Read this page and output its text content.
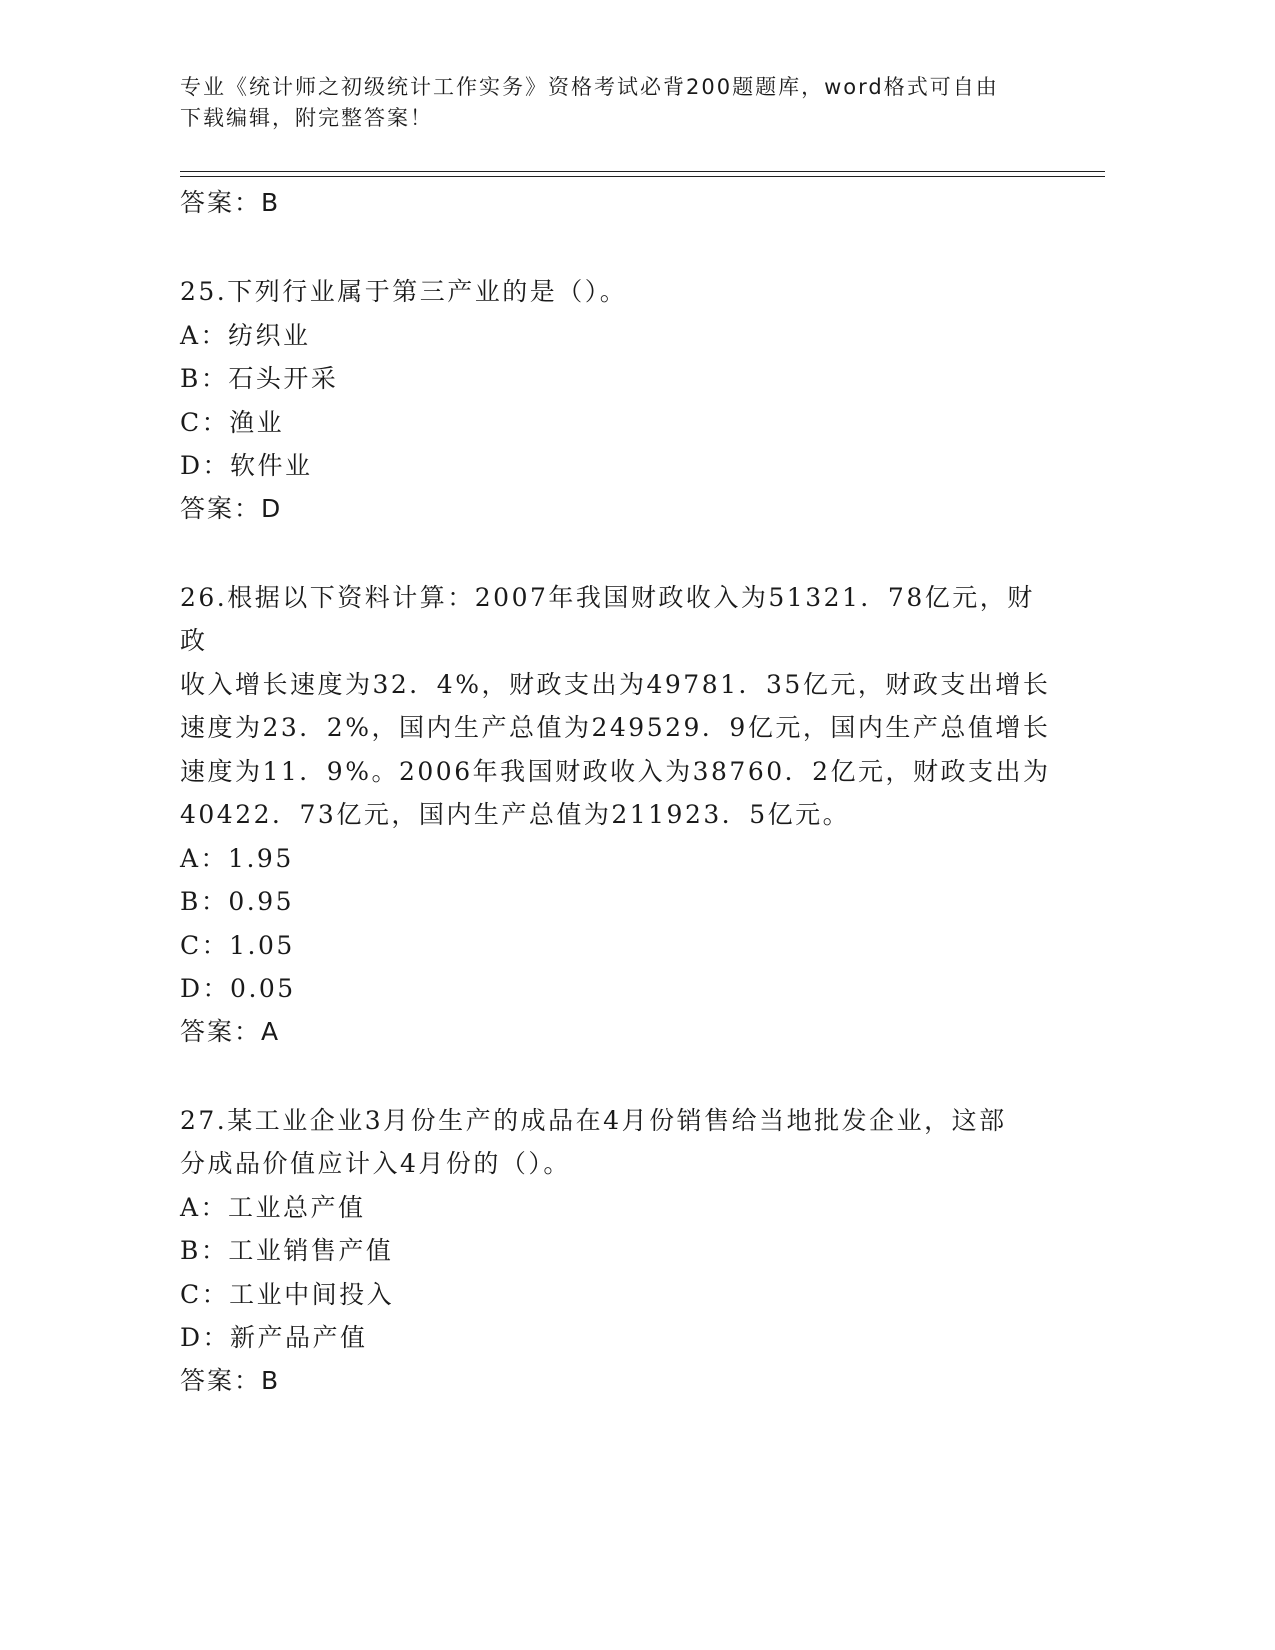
专业《统计师之初级统计工作实务》资格考试必背200题题库，word格式可自由
下载编辑，附完整答案！
答案：B
25.下列行业属于第三产业的是（）。
A：纺织业
B：石头开采
C：渔业
D：软件业
答案：D
26.根据以下资料计算：2007年我国财政收入为51321．78亿元，财政
收入增长速度为32．4%，财政支出为49781．35亿元，财政支出增长
速度为23．2%，国内生产总值为249529．9亿元，国内生产总值增长
速度为11．9%。2006年我国财政收入为38760．2亿元，财政支出为
40422．73亿元，国内生产总值为211923．5亿元。
A：1.95
B：0.95
C：1.05
D：0.05
答案：A
27.某工业企业3月份生产的成品在4月份销售给当地批发企业，这部
分成品价值应计入4月份的（）。
A：工业总产值
B：工业销售产值
C：工业中间投入
D：新产品产值
答案：B
